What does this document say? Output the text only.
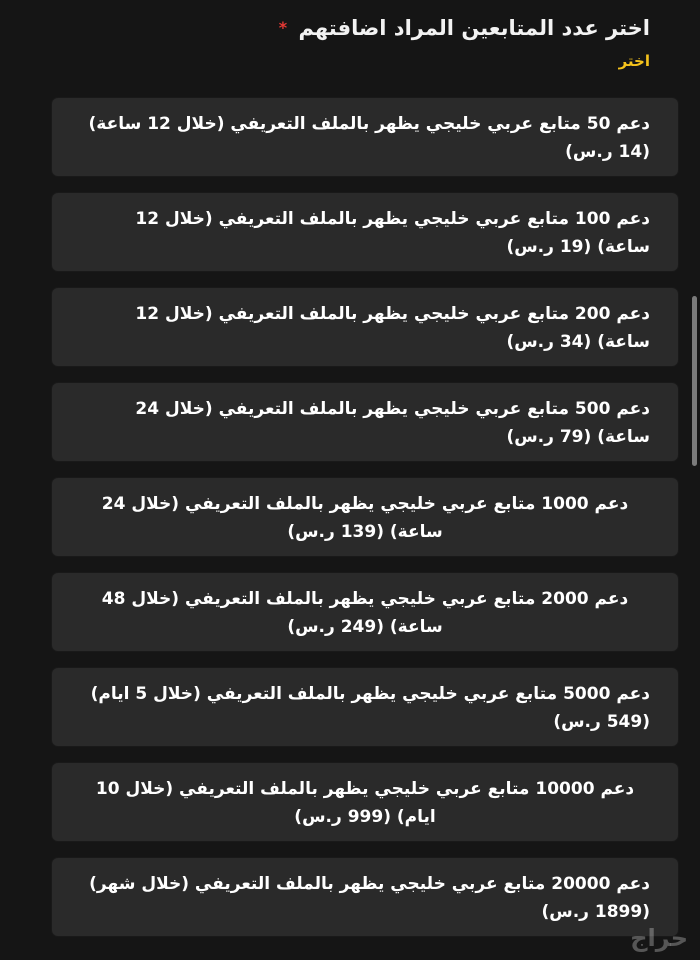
اختر عدد المتابعين المراد اضافتهم *
اختر
دعم 50 متابع عربي خليجي يظهر بالملف التعريفي (خلال 12 ساعة) (14 ر.س)
دعم 100 متابع عربي خليجي يظهر بالملف التعريفي (خلال 12 ساعة) (19 ر.س)
دعم 200 متابع عربي خليجي يظهر بالملف التعريفي (خلال 12 ساعة) (34 ر.س)
دعم 500 متابع عربي خليجي يظهر بالملف التعريفي (خلال 24 ساعة) (79 ر.س)
دعم 1000 متابع عربي خليجي يظهر بالملف التعريفي (خلال 24 ساعة) (139 ر.س)
دعم 2000 متابع عربي خليجي يظهر بالملف التعريفي (خلال 48 ساعة) (249 ر.س)
دعم 5000 متابع عربي خليجي يظهر بالملف التعريفي (خلال 5 ايام) (549 ر.س)
دعم 10000 متابع عربي خليجي يظهر بالملف التعريفي (خلال 10 ايام) (999 ر.س)
دعم 20000 متابع عربي خليجي يظهر بالملف التعريفي (خلال شهر) (1899 ر.س)
حراج
